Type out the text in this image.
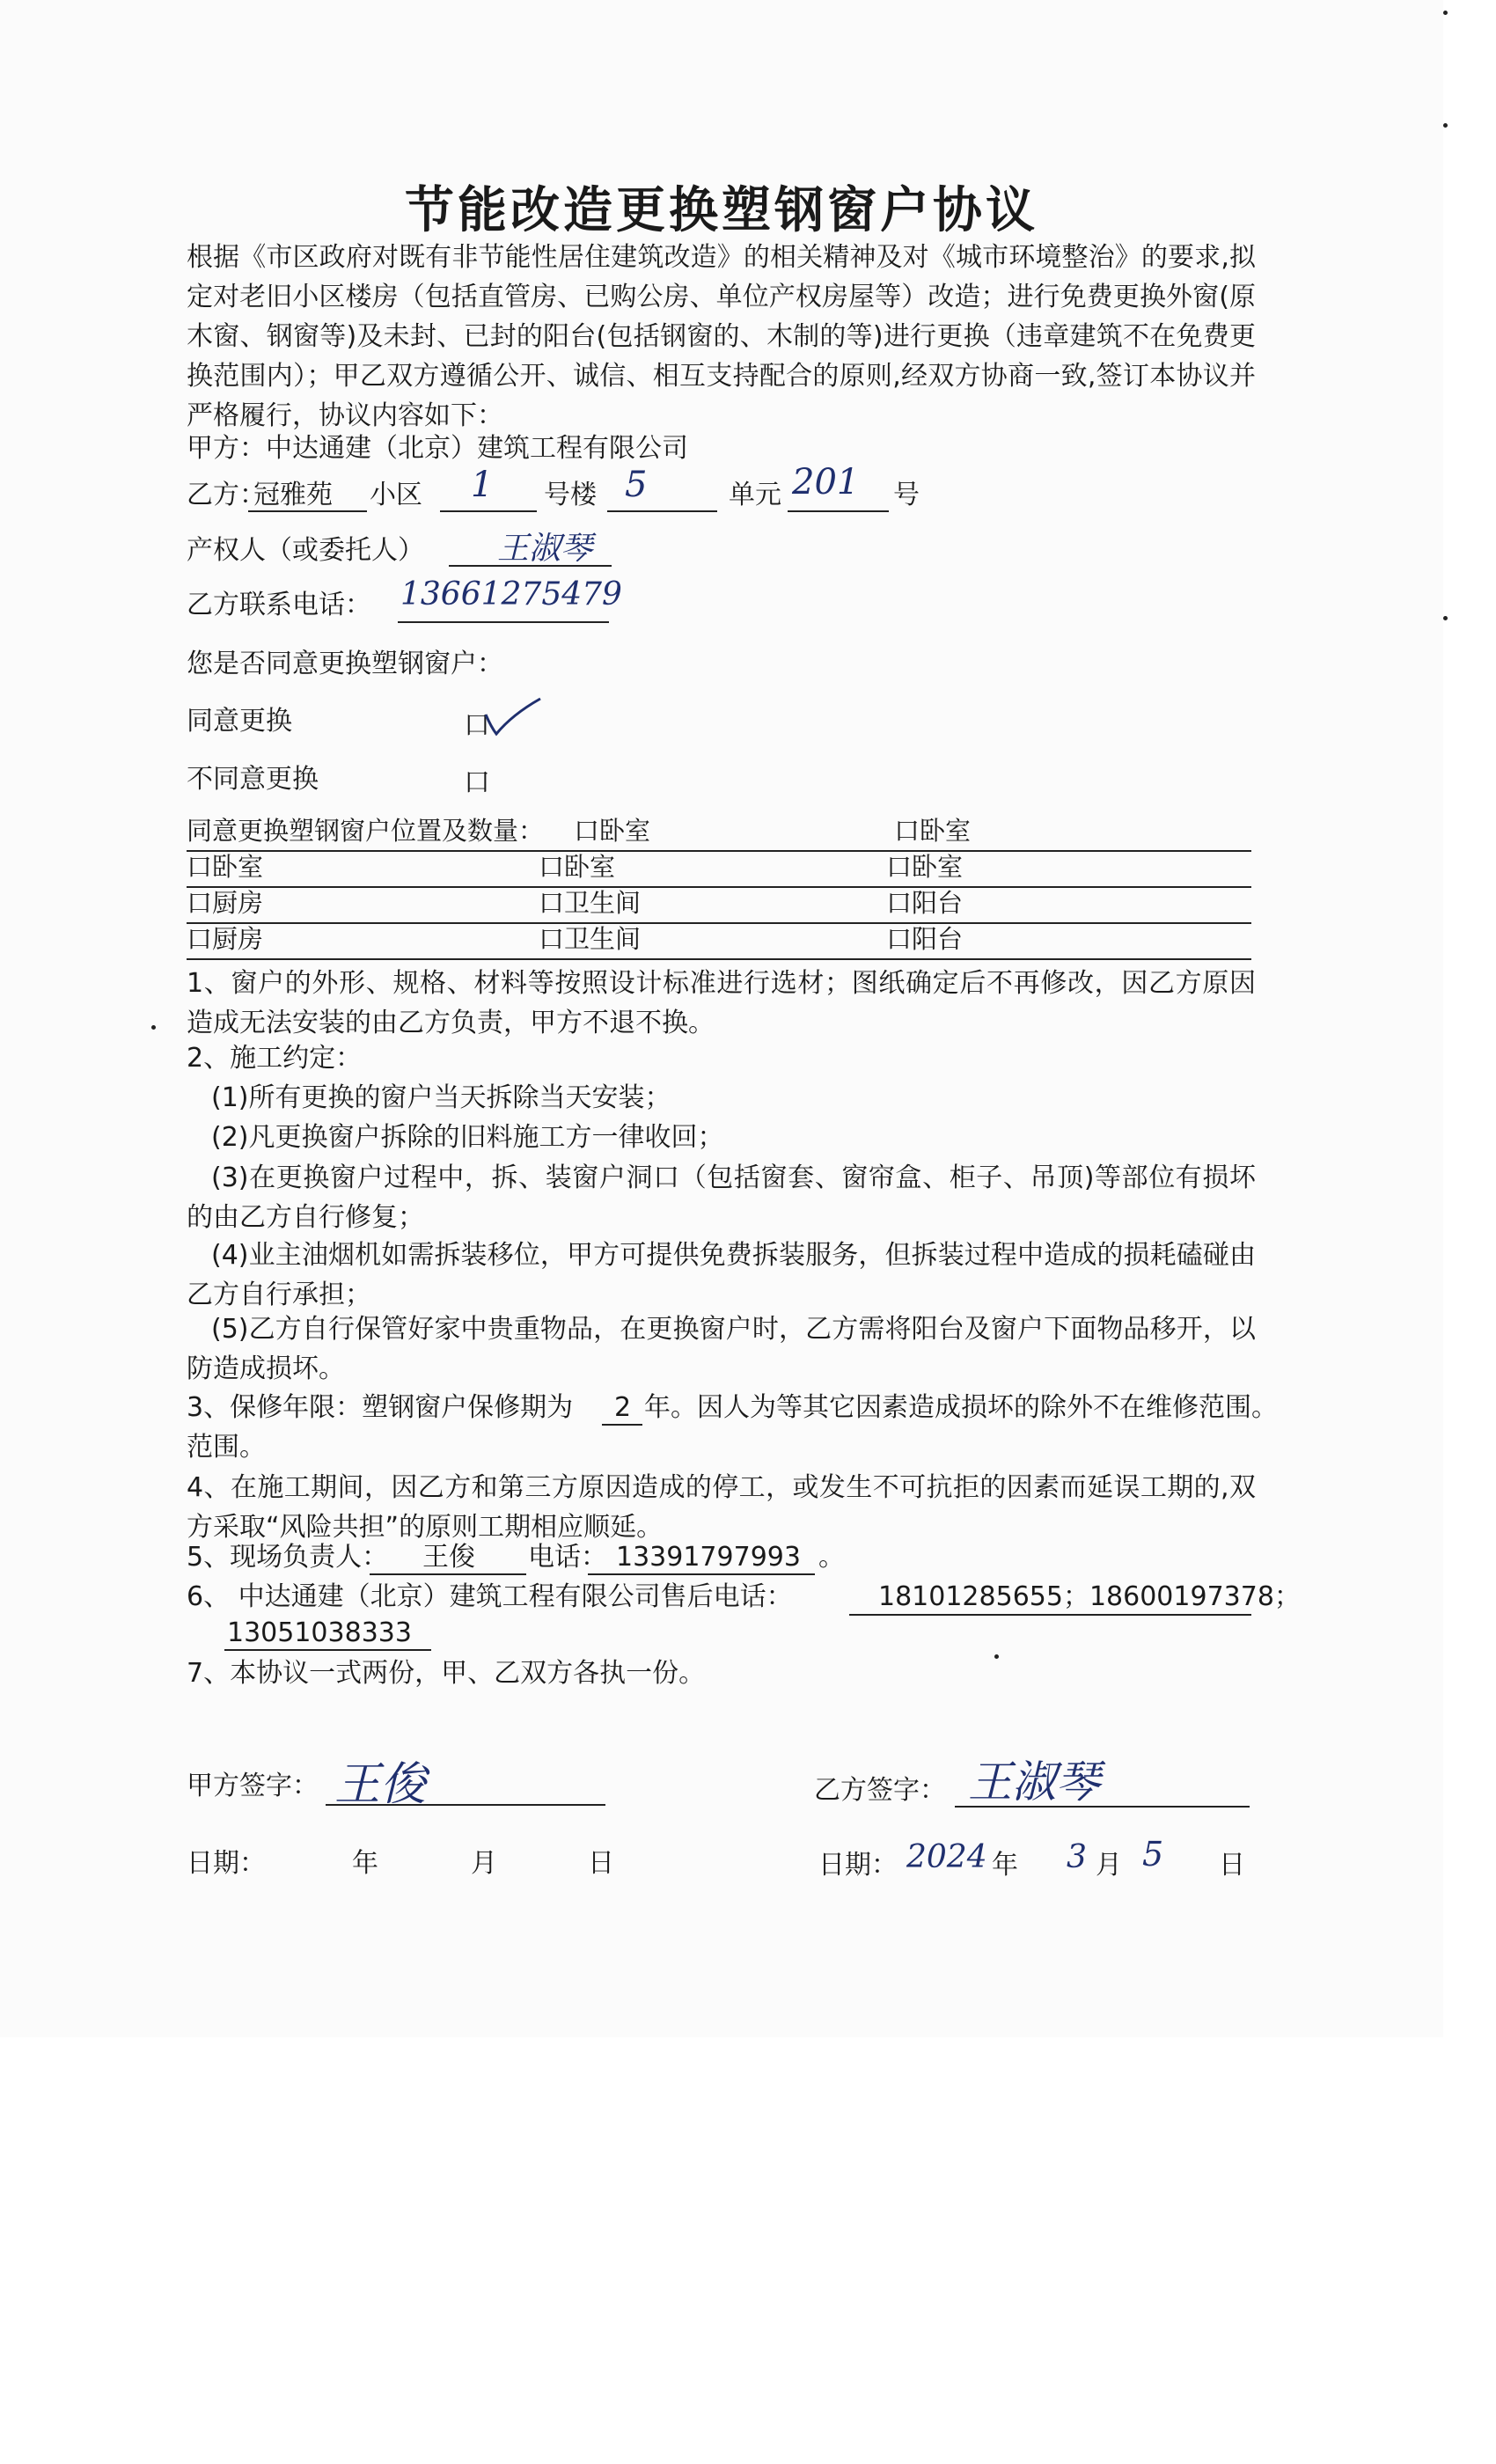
节能改造更换塑钢窗户协议
根据《市区政府对既有非节能性居住建筑改造》的相关精神及对《城市环境整治》的要求,拟定对老旧小区楼房（包括直管房、已购公房、单位产权房屋等）改造；进行免费更换外窗(原木窗、钢窗等)及未封、已封的阳台(包括钢窗的、木制的等)进行更换（违章建筑不在免费更换范围内）；甲乙双方遵循公开、诚信、相互支持配合的原则,经双方协商一致,签订本协议并严格履行，协议内容如下：
甲方：中达通建（北京）建筑工程有限公司
乙方：
冠雅苑 小区 1 号楼 5	单元 201 号
产权人（或委托人） 王淑琴
乙方联系电话： 13661275479
您是否同意更换塑钢窗户：
同意更换	口
不同意更换	口
同意更换塑钢窗户位置及数量： 口卧室	口卧室
口卧室	口卧室	口卧室
口厨房	口卫生间	口阳台
口厨房	口卫生间	口阳台
1、窗户的外形、规格、材料等按照设计标准进行选材；图纸确定后不再修改，因乙方原因造成无法安装的由乙方负责，甲方不退不换。
2、施工约定：
(1)所有更换的窗户当天拆除当天安装；
(2)凡更换窗户拆除的旧料施工方一律收回；
(3)在更换窗户过程中，拆、装窗户洞口（包括窗套、窗帘盒、柜子、吊顶)等部位有损坏的由乙方自行修复；
(4)业主油烟机如需拆装移位，甲方可提供免费拆装服务，但拆装过程中造成的损耗磕碰由乙方自行承担；
(5)乙方自行保管好家中贵重物品，在更换窗户时，乙方需将阳台及窗户下面物品移开，以防造成损坏。
3、保修年限：塑钢窗户保修期为 2 年。因人为等其它因素造成损坏的除外不在维修范围。
范围。
4、在施工期间，因乙方和第三方原因造成的停工，或发生不可抗拒的因素而延误工期的,双方采取“风险共担”的原则工期相应顺延。
5、现场负责人： 王俊 电话： 13391797993 。
6、 中达通建（北京）建筑工程有限公司售后电话：	18101285655；18600197378；
13051038333
7、本协议一式两份，甲、乙双方各执一份。
甲方签字： 王俊	乙方签字： 王淑琴
日期：	年	月	日	日期： 2024 年 3 月 5 日
